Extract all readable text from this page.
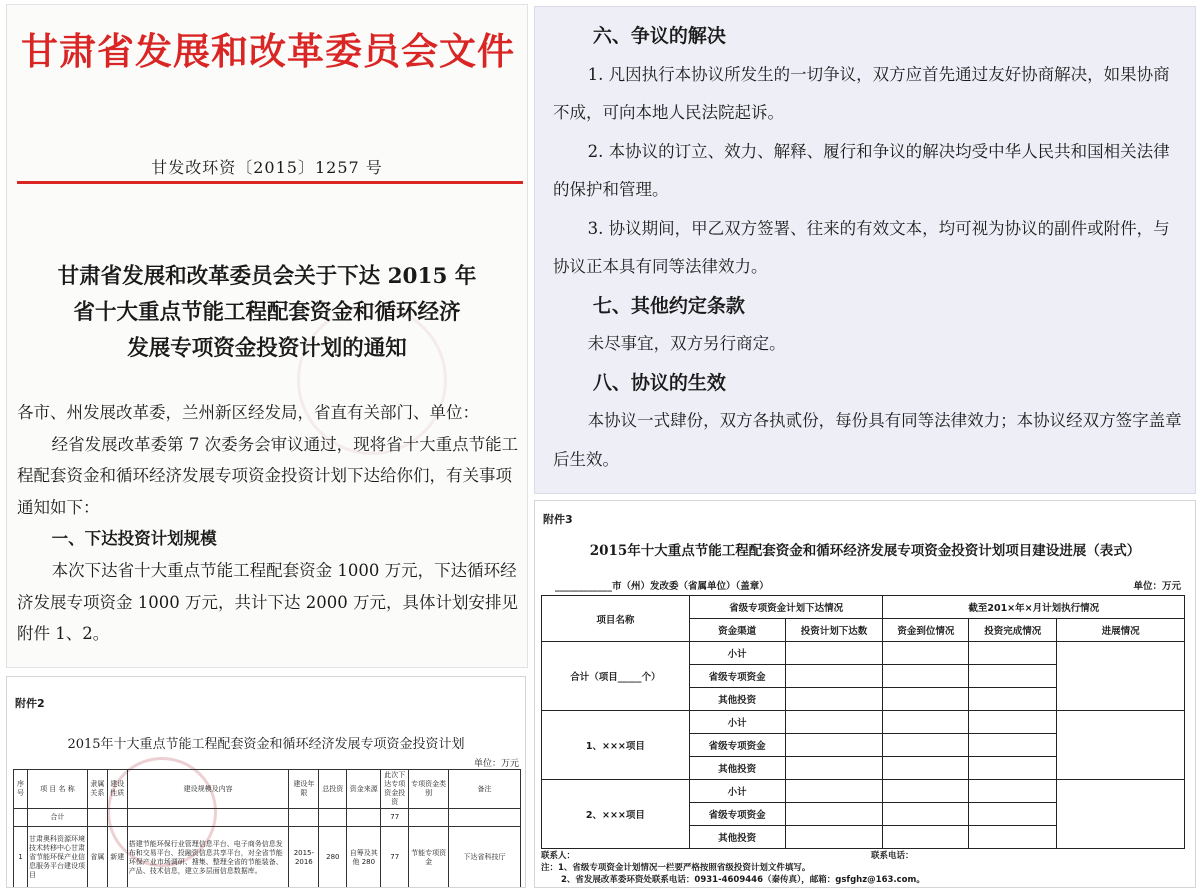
甘肃省发展和改革委员会文件
甘发改环资〔2015〕1257 号
甘肃省发展和改革委员会关于下达 2015 年
省十大重点节能工程配套资金和循环经济
发展专项资金投资计划的通知

各市、州发展改革委，兰州新区经发局，省直有关部门、单位：

经省发展改革委第 7 次委务会审议通过，现将省十大重点节能工程配套资金和循环经济发展专项资金投资计划下达给你们，有关事项通知如下：

一、下达投资计划规模

本次下达省十大重点节能工程配套资金 1000 万元，下达循环经济发展专项资金 1000 万元，共计下达 2000 万元，具体计划安排见附件 1、2。

六、争议的解决

1. 凡因执行本协议所发生的一切争议，双方应首先通过友好协商解决，如果协商不成，可向本地人民法院起诉。

2. 本协议的订立、效力、解释、履行和争议的解决均受中华人民共和国相关法律的保护和管理。

3. 协议期间，甲乙双方签署、往来的有效文本，均可视为协议的副件或附件，与协议正本具有同等法律效力。

七、其他约定条款

未尽事宜，双方另行商定。

八、协议的生效

本协议一式肆份，双方各执贰份，每份具有同等法律效力；本协议经双方签字盖章后生效。

附件2
2015年十大重点节能工程配套资金和循环经济发展专项资金投资计划
单位：万元
序号	项 目 名 称	隶属关系	建设性质	建设规模及内容	建设年限	总投资	资金来源	此次下达专项资金投资	专项资金类别	备注
	合计							77		
1	甘肃奥科资源环境技术转移中心甘肃省节能环保产业信息服务平台建设项目	省属	新建	搭建节能环保行业管理信息平台、电子商务信息发布和交易平台、投融资信息共享平台，对全省节能环保产业市场调研、搜集、整理全省的节能装备、产品、技术信息，建立多层面信息数据库。	2015-2016	280	自筹及其他 280	77	节能专项资金	下达省科技厅
附件3
2015年十大重点节能工程配套资金和循环经济发展专项资金投资计划项目建设进展（表式）
____________市（州）发改委（省属单位）（盖章）	单位：万元
项目名称	省级专项资金计划下达情况		截至201×年×月计划执行情况		
	资金渠道	投资计划下达数	资金到位情况	投资完成情况	进展情况
合计（项目_____个）	小计				
	省级专项资金				
	其他投资				
1、×××项目	小计				
	省级专项资金				
	其他投资				
2、×××项目	小计				
	省级专项资金				
	其他投资				
联系人：	联系电话：
注：1、省级专项资金计划情况一栏要严格按照省级投资计划文件填写。
2、省发展改革委环资处联系电话：0931-4609446（秦传真），邮箱：gsfghz@163.com。
